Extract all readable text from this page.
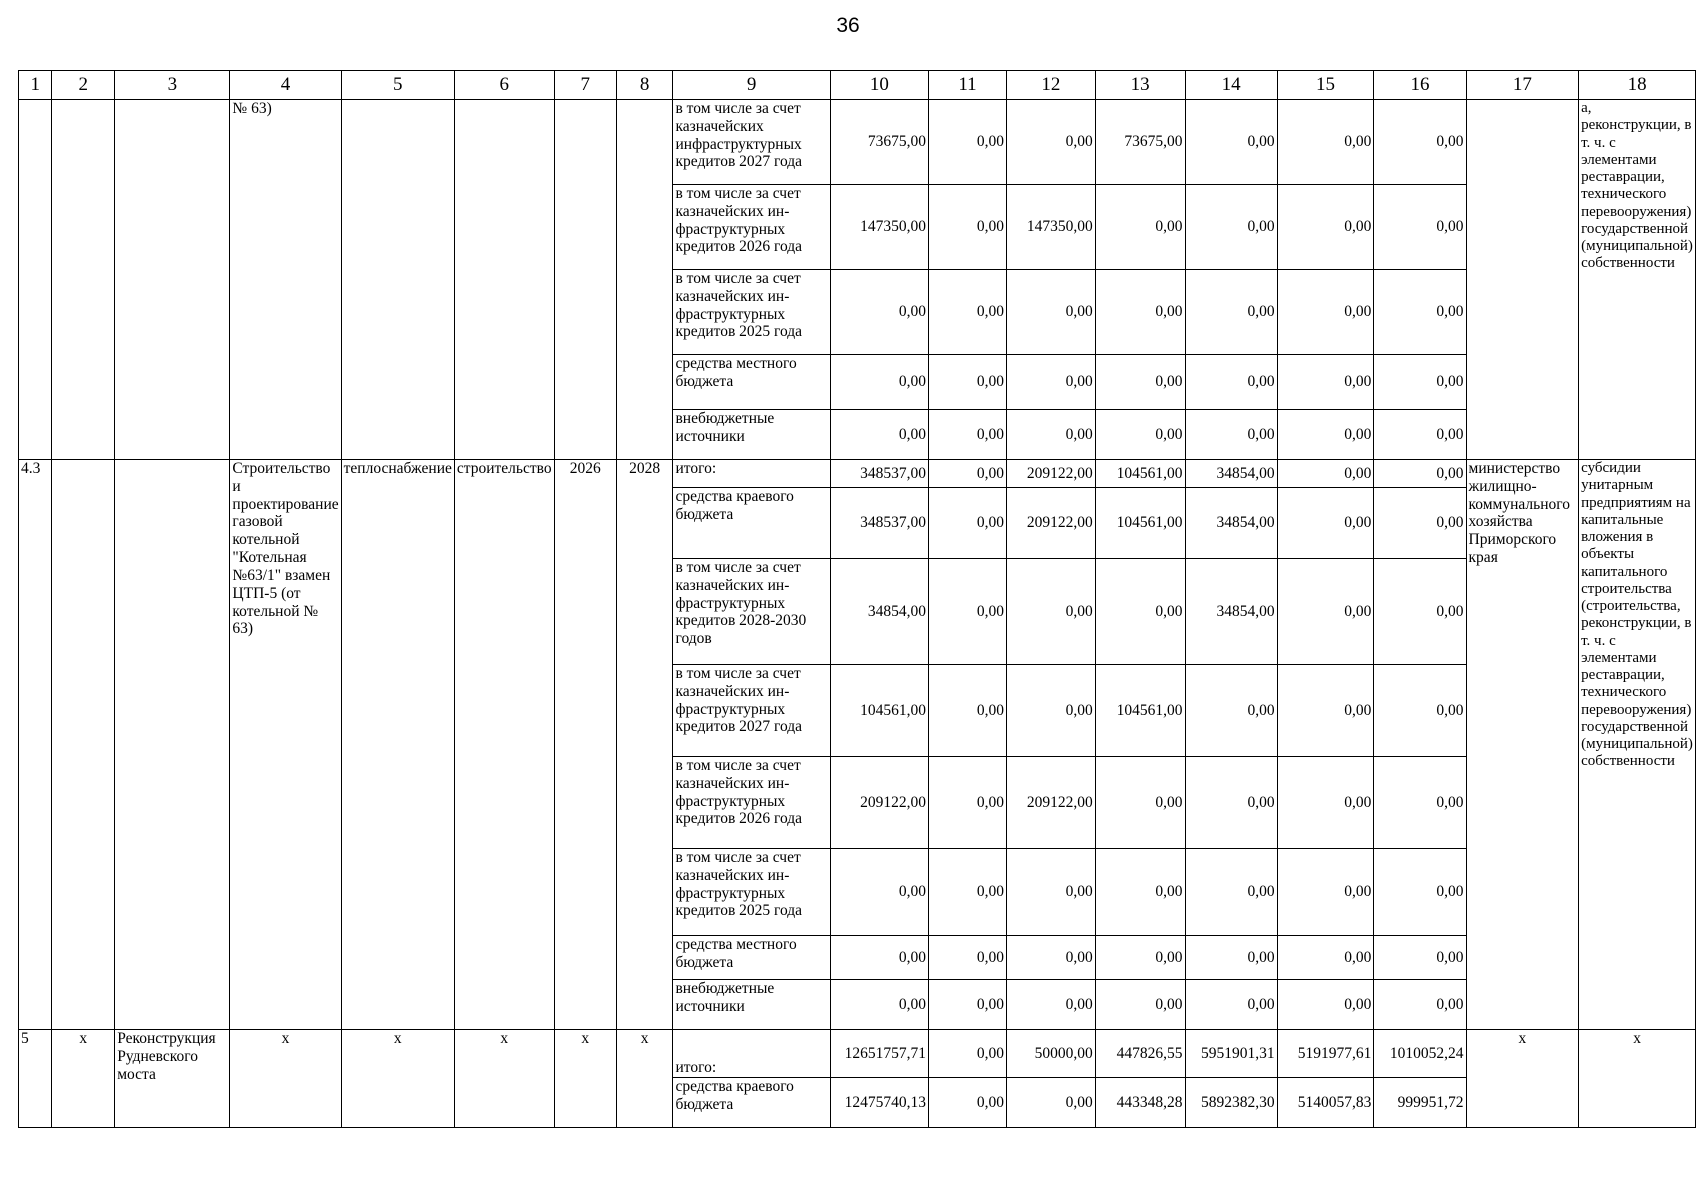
36
1	2	3	4	5	6	7	8	9	10	11	12	13	14	15	16	17	18
			№ 63)					в том числе за счет казначейских инфраструктурных кредитов 2027 года	73675,00	0,00	0,00	73675,00	0,00	0,00	0,00		а, реконструкции, в т. ч. с элементами реставрации, технического перевооружения) государственной (муниципальной) собственности
								в том числе за счет казначейских ин-фраструктурных кредитов 2026 года	147350,00	0,00	147350,00	0,00	0,00	0,00	0,00		
								в том числе за счет казначейских ин-фраструктурных кредитов 2025 года	0,00	0,00	0,00	0,00	0,00	0,00	0,00		
								средства местного бюджета	0,00	0,00	0,00	0,00	0,00	0,00	0,00		
								внебюджетные источники	0,00	0,00	0,00	0,00	0,00	0,00	0,00		
4.3			Строительство и проектирование газовой котельной "Котельная №63/1" взамен ЦТП-5 (от котельной № 63)	теплоснабжение	строительство	2026	2028	итого:	348537,00	0,00	209122,00	104561,00	34854,00	0,00	0,00	министерство жилищно-коммунального хозяйства Приморского края	субсидии унитарным предприятиям на капитальные вложения в объекты капитального строительства (строительства, реконструкции, в т. ч. с элементами реставрации, технического перевооружения) государственной (муниципальной) собственности
								средства краевого бюджета	348537,00	0,00	209122,00	104561,00	34854,00	0,00	0,00		
								в том числе за счет казначейских ин-фраструктурных кредитов 2028-2030 годов	34854,00	0,00	0,00	0,00	34854,00	0,00	0,00		
								в том числе за счет казначейских ин-фраструктурных кредитов 2027 года	104561,00	0,00	0,00	104561,00	0,00	0,00	0,00		
								в том числе за счет казначейских ин-фраструктурных кредитов 2026 года	209122,00	0,00	209122,00	0,00	0,00	0,00	0,00		
								в том числе за счет казначейских ин-фраструктурных кредитов 2025 года	0,00	0,00	0,00	0,00	0,00	0,00	0,00		
								средства местного бюджета	0,00	0,00	0,00	0,00	0,00	0,00	0,00		
								внебюджетные источники	0,00	0,00	0,00	0,00	0,00	0,00	0,00		
5	х	Реконструкция Рудневского моста	х	х	х	х	х	итого:	12651757,71	0,00	50000,00	447826,55	5951901,31	5191977,61	1010052,24	х	х
								средства краевого бюджета	12475740,13	0,00	0,00	443348,28	5892382,30	5140057,83	999951,72		
